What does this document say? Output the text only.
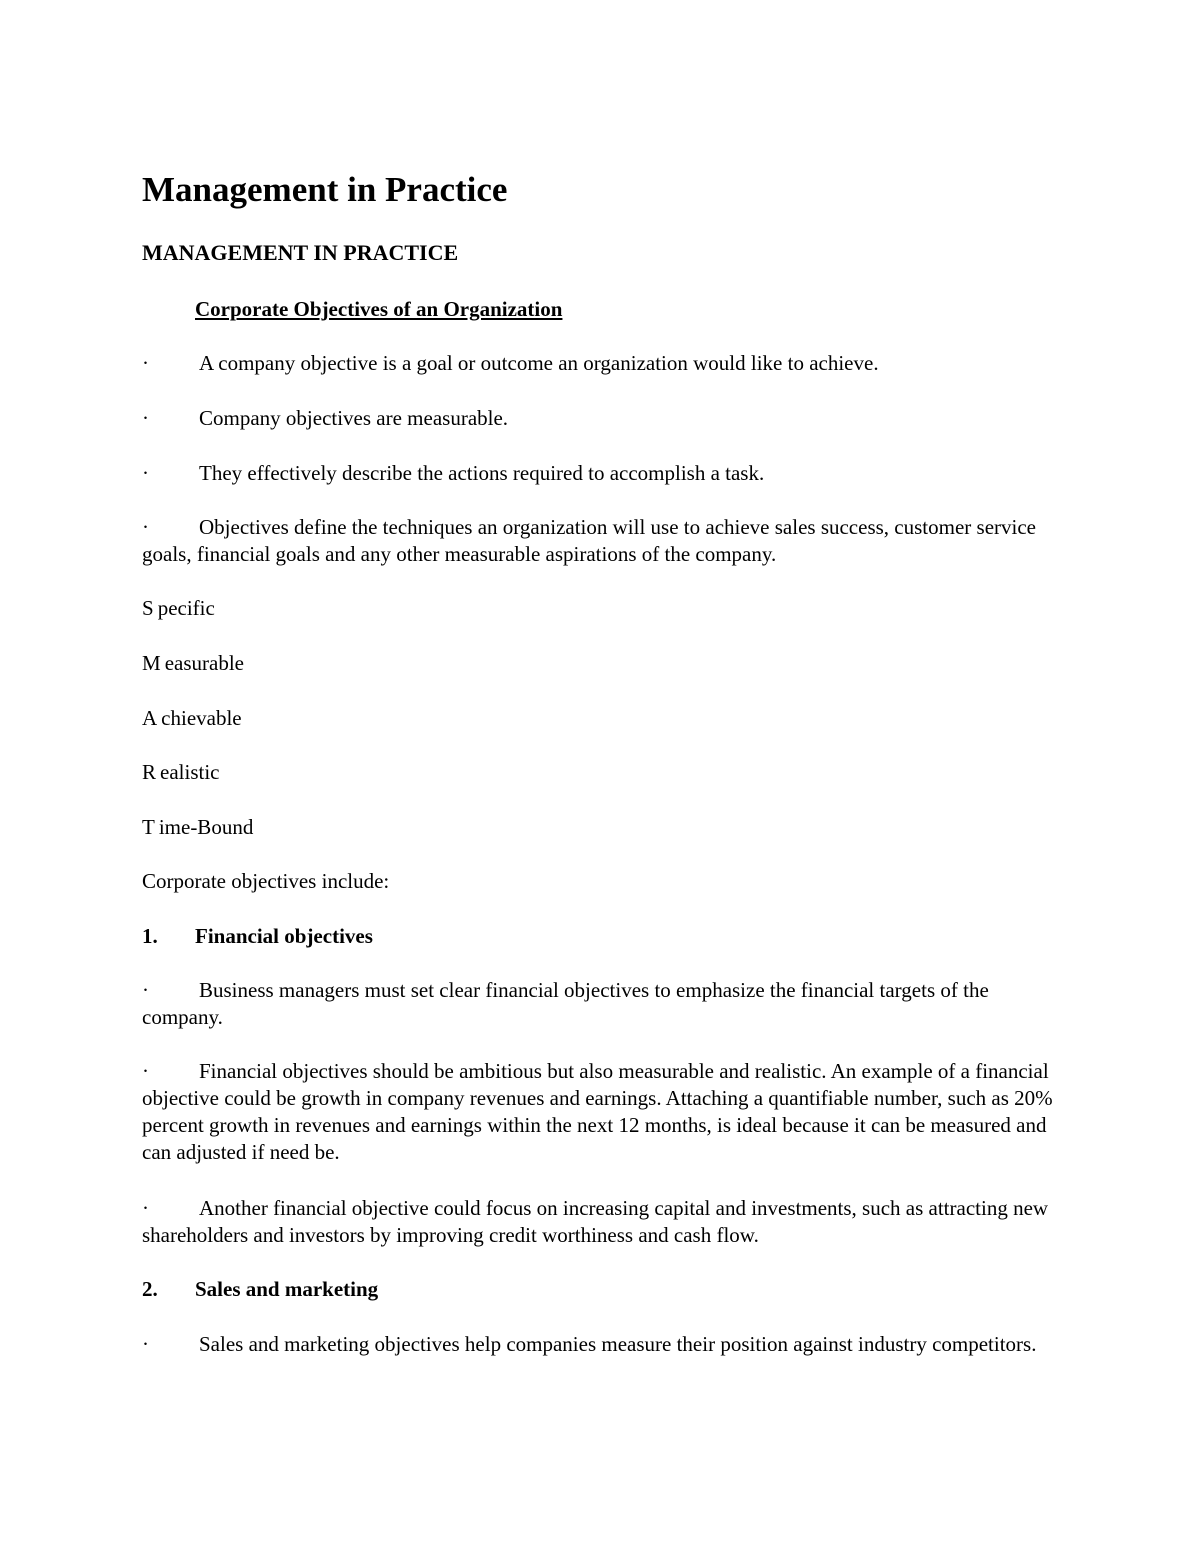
Management in Practice
MANAGEMENT IN PRACTICE
Corporate Objectives of an Organization

· A company objective is a goal or outcome an organization would like to achieve.

· Company objectives are measurable.

· They effectively describe the actions required to accomplish a task.

· Objectives define the techniques an organization will use to achieve sales success, customer service goals, financial goals and any other measurable aspirations of the company.

S pecific

M easurable

A chievable

R ealistic

T ime-Bound

Corporate objectives include:

1. Financial objectives

· Business managers must set clear financial objectives to emphasize the financial targets of the company.

· Financial objectives should be ambitious but also measurable and realistic. An example of a financial objective could be growth in company revenues and earnings. Attaching a quantifiable number, such as 20% percent growth in revenues and earnings within the next 12 months, is ideal because it can be measured and can adjusted if need be.

· Another financial objective could focus on increasing capital and investments, such as attracting new shareholders and investors by improving credit worthiness and cash flow.

2. Sales and marketing

· Sales and marketing objectives help companies measure their position against industry competitors.
